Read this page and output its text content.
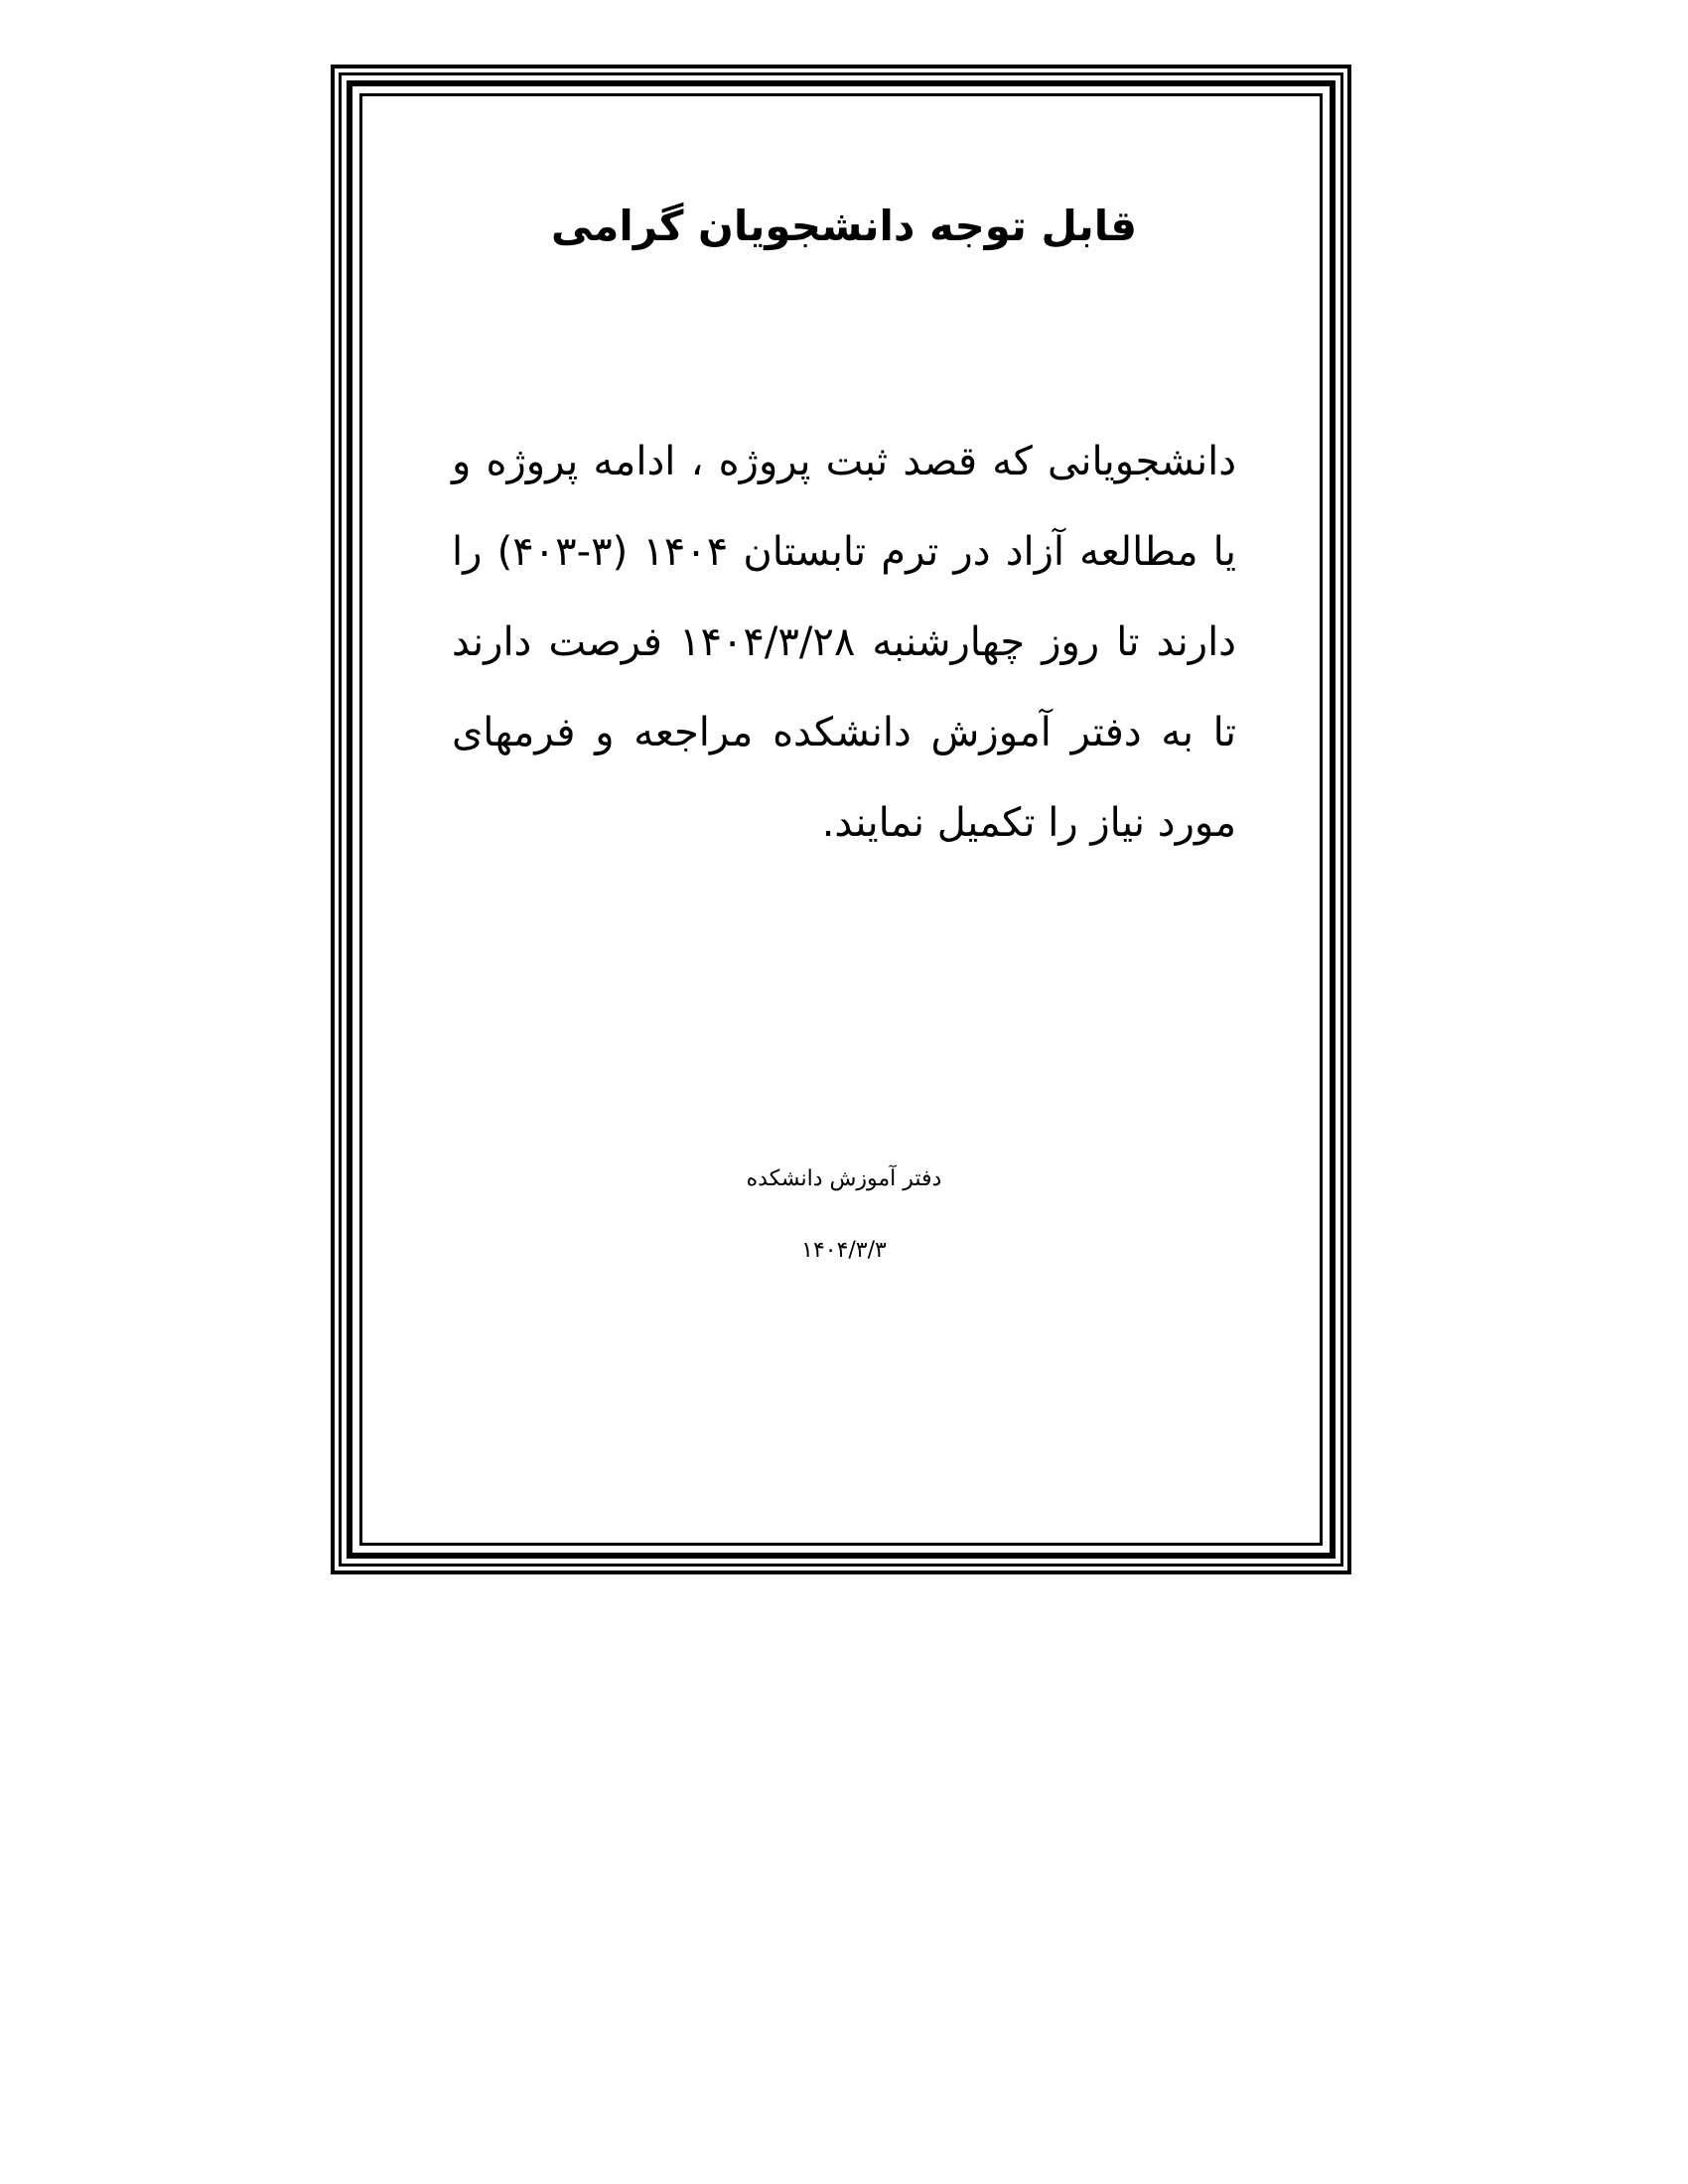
قابل توجه دانشجویان گرامی

دانشجویانی که قصد ثبت پروژه ، ادامه پروژه و یا مطالعه آزاد در ترم تابستان ۱۴۰۴ (۳-۴۰۳) را دارند تا روز چهارشنبه ۱۴۰۴/۳/۲۸ فرصت دارند تا به دفتر آموزش دانشکده مراجعه و فرمهای مورد نیاز را تکمیل نمایند.

دفتر آموزش دانشکده

۱۴۰۴/۳/۳
